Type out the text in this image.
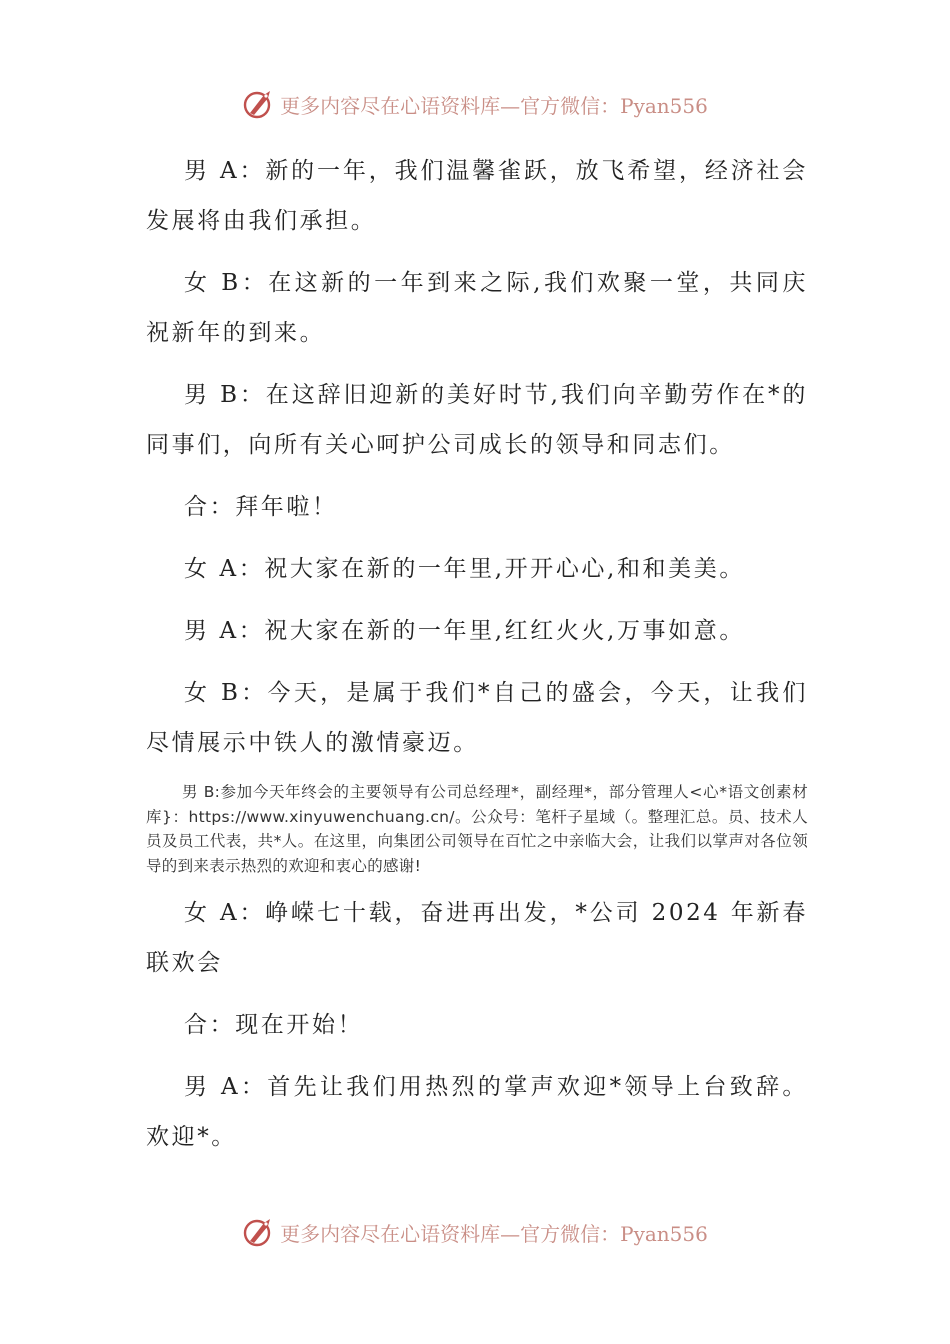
更多内容尽在心语资料库—官方微信：Pyan556

男 A：新的一年，我们温馨雀跃，放飞希望，经济社会发展将由我们承担。

女 B：在这新的一年到来之际,我们欢聚一堂，共同庆祝新年的到来。

男 B：在这辞旧迎新的美好时节,我们向辛勤劳作在*的同事们，向所有关心呵护公司成长的领导和同志们。

合：拜年啦！

女 A：祝大家在新的一年里,开开心心,和和美美。

男 A：祝大家在新的一年里,红红火火,万事如意。

女 B：今天，是属于我们*自己的盛会，今天，让我们尽情展示中铁人的激情豪迈。

男 B:参加今天年终会的主要领导有公司总经理*，副经理*，部分管理人<心*语文创素材库}：https://www.xinyuwenchuang.cn/。公众号：笔杆子星域（。整理汇总。员、技术人员及员工代表，共*人。在这里，向集团公司领导在百忙之中亲临大会，让我们以掌声对各位领导的到来表示热烈的欢迎和衷心的感谢!

女 A：峥嵘七十载，奋进再出发，*公司 2024 年新春联欢会

合：现在开始！

男 A：首先让我们用热烈的掌声欢迎*领导上台致辞。欢迎*。

更多内容尽在心语资料库—官方微信：Pyan556
